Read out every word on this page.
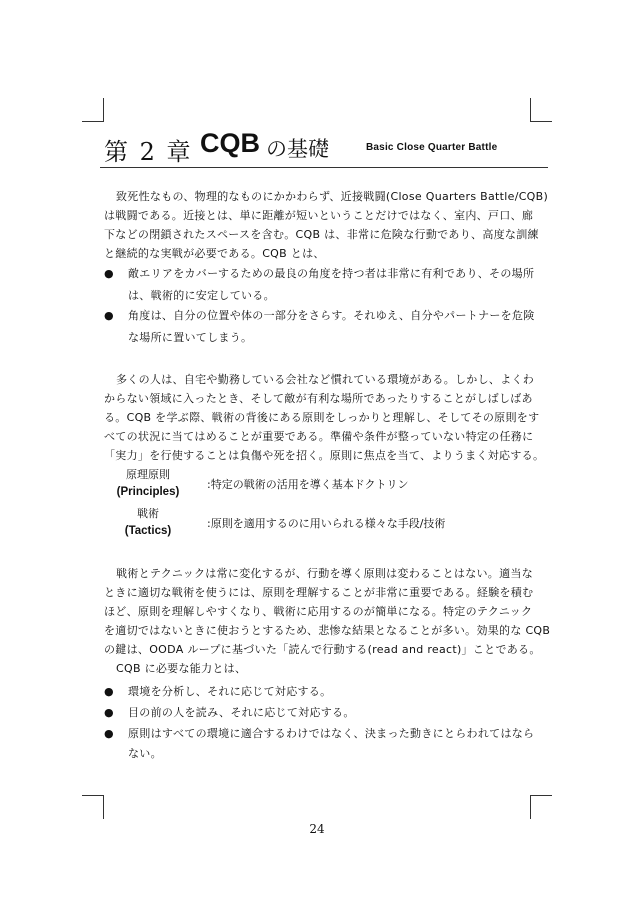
第 2 章 CQB の基礎	Basic Close Quarter Battle
致死性なもの、物理的なものにかかわらず、近接戦闘(Close Quarters Battle/CQB)
は戦闘である。近接とは、単に距離が短いということだけではなく、室内、戸口、廊
下などの閉鎖されたスペースを含む。CQB は、非常に危険な行動であり、高度な訓練
と継続的な実戦が必要である。CQB とは、
● 敵エリアをカバーするための最良の角度を持つ者は非常に有利であり、その場所
は、戦術的に安定している。
● 角度は、自分の位置や体の一部分をさらす。それゆえ、自分やパートナーを危険
な場所に置いてしまう。
多くの人は、自宅や勤務している会社など慣れている環境がある。しかし、よくわ
からない領域に入ったとき、そして敵が有利な場所であったりすることがしばしばあ
る。CQB を学ぶ際、戦術の背後にある原則をしっかりと理解し、そしてその原則をす
べての状況に当てはめることが重要である。準備や条件が整っていない特定の任務に
「実力」を行使することは負傷や死を招く。原則に焦点を当て、よりうまく対応する。
原理原則
(Principles)
:特定の戦術の活用を導く基本ドクトリン
戦術
(Tactics)
:原則を適用するのに用いられる様々な手段/技術
戦術とテクニックは常に変化するが、行動を導く原則は変わることはない。適当な
ときに適切な戦術を使うには、原則を理解することが非常に重要である。経験を積む
ほど、原則を理解しやすくなり、戦術に応用するのが簡単になる。特定のテクニック
を適切ではないときに使おうとするため、悲惨な結果となることが多い。効果的な CQB
の鍵は、OODA ループに基づいた「読んで行動する(read and react)」ことである。
CQB に必要な能力とは、
● 環境を分析し、それに応じて対応する。
● 目の前の人を読み、それに応じて対応する。
● 原則はすべての環境に適合するわけではなく、決まった動きにとらわれてはなら
ない。
24
